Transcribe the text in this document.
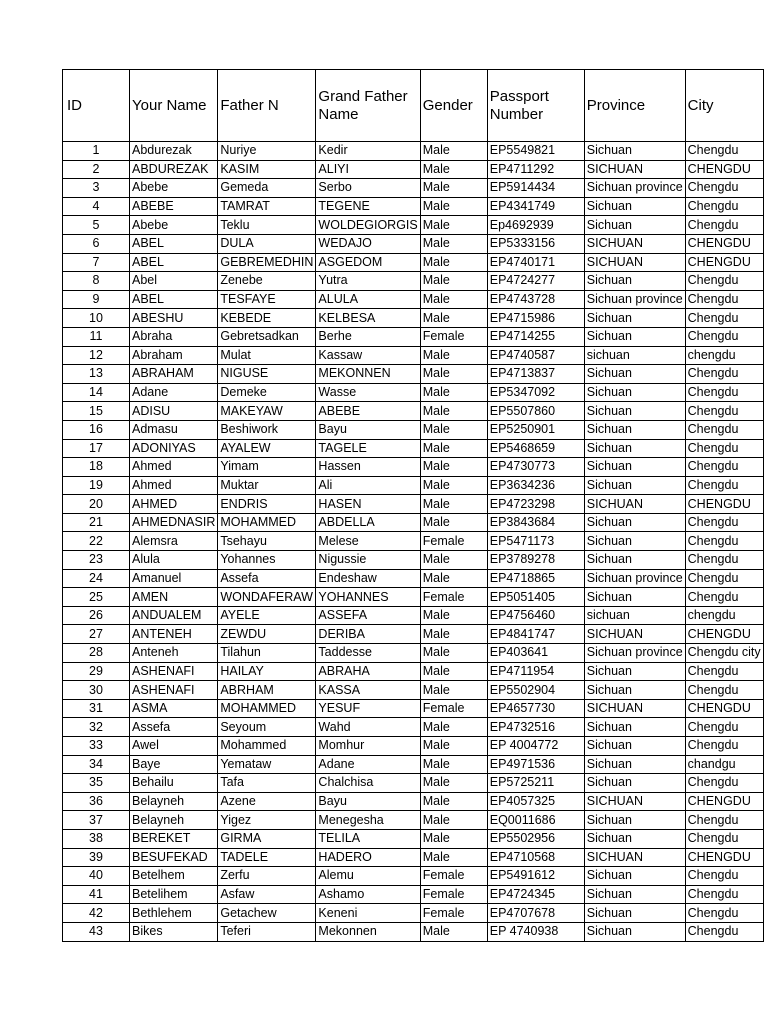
ID	Your Name	Father N	Grand Father Name	Gender	Passport Number	Province	City
1	Abdurezak	Nuriye	Kedir	Male	EP5549821	Sichuan	Chengdu
2	ABDUREZAK	KASIM	ALIYI	Male	EP4711292	SICHUAN	CHENGDU
3	Abebe	Gemeda	Serbo	Male	EP5914434	Sichuan province	Chengdu
4	ABEBE	TAMRAT	TEGENE	Male	EP4341749	Sichuan	Chengdu
5	Abebe	Teklu	WOLDEGIORGIS	Male	Ep4692939	Sichuan	Chengdu
6	ABEL	DULA	WEDAJO	Male	EP5333156	SICHUAN	CHENGDU
7	ABEL	GEBREMEDHIN	ASGEDOM	Male	EP4740171	SICHUAN	CHENGDU
8	Abel	Zenebe	Yutra	Male	EP4724277	Sichuan	Chengdu
9	ABEL	TESFAYE	ALULA	Male	EP4743728	Sichuan province	Chengdu
10	ABESHU	KEBEDE	KELBESA	Male	EP4715986	Sichuan	Chengdu
11	Abraha	Gebretsadkan	Berhe	Female	EP4714255	Sichuan	Chengdu
12	Abraham	Mulat	Kassaw	Male	EP4740587	sichuan	chengdu
13	ABRAHAM	NIGUSE	MEKONNEN	Male	EP4713837	Sichuan	Chengdu
14	Adane	Demeke	Wasse	Male	EP5347092	Sichuan	Chengdu
15	ADISU	MAKEYAW	ABEBE	Male	EP5507860	Sichuan	Chengdu
16	Admasu	Beshiwork	Bayu	Male	EP5250901	Sichuan	Chengdu
17	ADONIYAS	AYALEW	TAGELE	Male	EP5468659	Sichuan	Chengdu
18	Ahmed	Yimam	Hassen	Male	EP4730773	Sichuan	Chengdu
19	Ahmed	Muktar	Ali	Male	EP3634236	Sichuan	Chengdu
20	AHMED	ENDRIS	HASEN	Male	EP4723298	SICHUAN	CHENGDU
21	AHMEDNASIR	MOHAMMED	ABDELLA	Male	EP3843684	Sichuan	Chengdu
22	Alemsra	Tsehayu	Melese	Female	EP5471173	Sichuan	Chengdu
23	Alula	Yohannes	Nigussie	Male	EP3789278	Sichuan	Chengdu
24	Amanuel	Assefa	Endeshaw	Male	EP4718865	Sichuan province	Chengdu
25	AMEN	WONDAFERAW	YOHANNES	Female	EP5051405	Sichuan	Chengdu
26	ANDUALEM	AYELE	ASSEFA	Male	EP4756460	sichuan	chengdu
27	ANTENEH	ZEWDU	DERIBA	Male	EP4841747	SICHUAN	CHENGDU
28	Anteneh	Tilahun	Taddesse	Male	EP403641	Sichuan province	Chengdu city
29	ASHENAFI	HAILAY	ABRAHA	Male	EP4711954	Sichuan	Chengdu
30	ASHENAFI	ABRHAM	KASSA	Male	EP5502904	Sichuan	Chengdu
31	ASMA	MOHAMMED	YESUF	Female	EP4657730	SICHUAN	CHENGDU
32	Assefa	Seyoum	Wahd	Male	EP4732516	Sichuan	Chengdu
33	Awel	Mohammed	Momhur	Male	EP 4004772	Sichuan	Chengdu
34	Baye	Yemataw	Adane	Male	EP4971536	Sichuan	chandgu
35	Behailu	Tafa	Chalchisa	Male	EP5725211	Sichuan	Chengdu
36	Belayneh	Azene	Bayu	Male	EP4057325	SICHUAN	CHENGDU
37	Belayneh	Yigez	Menegesha	Male	EQ0011686	Sichuan	Chengdu
38	BEREKET	GIRMA	TELILA	Male	EP5502956	Sichuan	Chengdu
39	BESUFEKAD	TADELE	HADERO	Male	EP4710568	SICHUAN	CHENGDU
40	Betelhem	Zerfu	Alemu	Female	EP5491612	Sichuan	Chengdu
41	Betelihem	Asfaw	Ashamo	Female	EP4724345	Sichuan	Chengdu
42	Bethlehem	Getachew	Keneni	Female	EP4707678	Sichuan	Chengdu
43	Bikes	Teferi	Mekonnen	Male	EP 4740938	Sichuan	Chengdu
